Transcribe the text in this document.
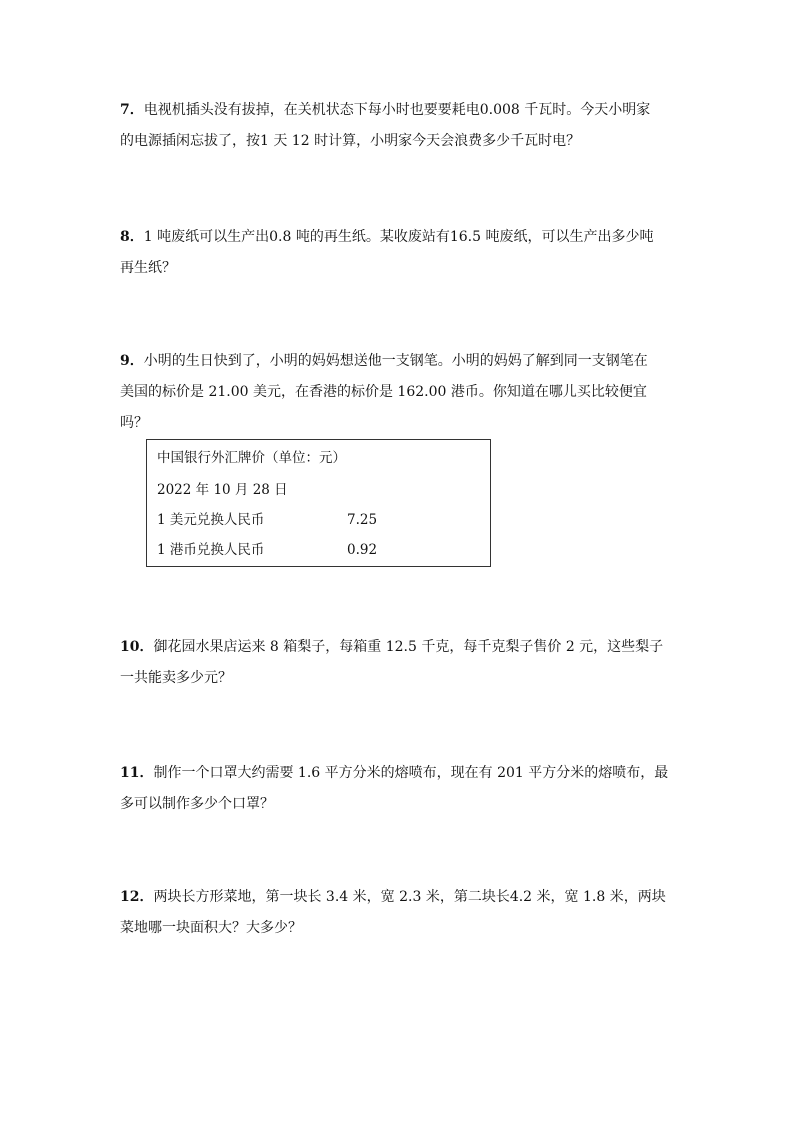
7．电视机插头没有拔掉，在关机状态下每小时也要要耗电0.008 千瓦时。今天小明家

的电源插闲忘拔了，按1 天 12 时计算，小明家今天会浪费多少千瓦时电？

8．1 吨废纸可以生产出0.8 吨的再生纸。某收废站有16.5 吨废纸，可以生产出多少吨

再生纸？

9．小明的生日快到了，小明的妈妈想送他一支钢笔。小明的妈妈了解到同一支钢笔在

美国的标价是 21.00 美元，在香港的标价是 162.00 港币。你知道在哪儿买比较便宜

吗？

中国银行外汇牌价（单位：元）
2022 年 10 月 28 日
1 美元兑换人民币	7.25
1 港币兑换人民币	0.92

10．御花园水果店运来 8 箱梨子，每箱重 12.5 千克，每千克梨子售价 2 元，这些梨子

一共能卖多少元？

11．制作一个口罩大约需要 1.6 平方分米的熔喷布，现在有 201 平方分米的熔喷布，最

多可以制作多少个口罩？

12．两块长方形菜地，第一块长 3.4 米，宽 2.3 米，第二块长4.2 米，宽 1.8 米，两块

菜地哪一块面积大？大多少？
